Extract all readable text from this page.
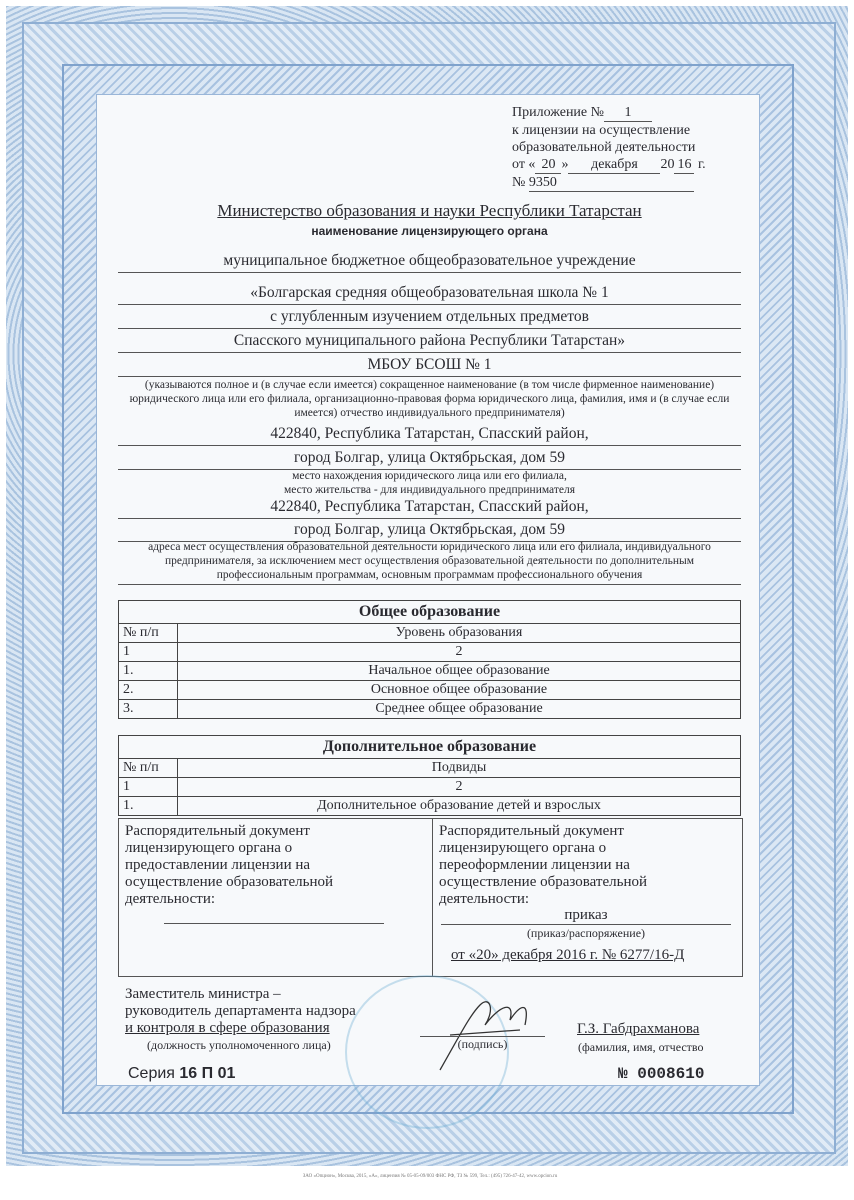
Приложение № 1
к лицензии на осуществление
образовательной деятельности
от « 20 » декабря 20 16 г.
№ 9350
Министерство образования и науки Республики Татарстан
наименование лицензирующего органа
муниципальное бюджетное общеобразовательное учреждение
«Болгарская средняя общеобразовательная школа № 1
с углубленным изучением отдельных предметов
Спасского муниципального района Республики Татарстан»
МБОУ БСОШ № 1
(указываются полное и (в случае если имеется) сокращенное наименование (в том числе фирменное наименование) юридического лица или его филиала, организационно-правовая форма юридического лица, фамилия, имя и (в случае если имеется) отчество индивидуального предпринимателя)
422840, Республика Татарстан, Спасский район,
город Болгар, улица Октябрьская, дом 59
место нахождения юридического лица или его филиала,
место жительства - для индивидуального предпринимателя
422840, Республика Татарстан, Спасский район,
город Болгар, улица Октябрьская, дом 59
адреса мест осуществления образовательной деятельности юридического лица или его филиала, индивидуального предпринимателя, за исключением мест осуществления образовательной деятельности по дополнительным профессиональным программам, основным программам профессионального обучения
Общее образование	
№ п/п	Уровень образования
1	2
1.	Начальное общее образование
2.	Основное общее образование
3.	Среднее общее образование
Дополнительное образование	
№ п/п	Подвиды
1	2
1.	Дополнительное образование детей и взрослых
Распорядительный документ лицензирующего органа о предоставлении лицензии на осуществление образовательной деятельности:
Распорядительный документ лицензирующего органа о переоформлении лицензии на осуществление образовательной деятельности:
приказ
(приказ/распоряжение)
от «20» декабря 2016 г. № 6277/16-Д
Заместитель министра –
руководитель департамента надзора
и контроля в сфере образования
(должность уполномоченного лица)	(подпись)
Г.З. Габдрахманова
(фамилия, имя, отчество
Серия 16 П 01	№ 0008610
ЗАО «Опцион», Москва, 2015, «А», лицензия № 05-05-09/003 ФНС РФ, ТЗ № 599, Тел.: (495) 726-47-42, www.opcion.ru
